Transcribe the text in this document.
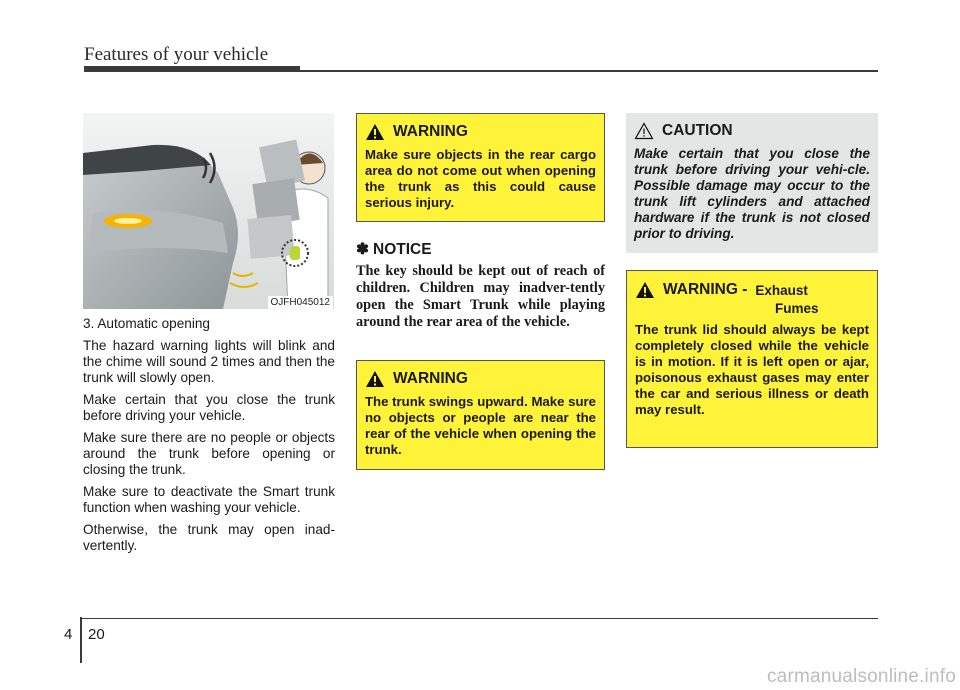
Features of your vehicle
OJFH045012

3. Automatic opening

The hazard warning lights will blink and the chime will sound 2 times and then the trunk will slowly open.

Make certain that you close the trunk before driving your vehicle.

Make sure there are no people or objects around the trunk before opening or closing the trunk.

Make sure to deactivate the Smart trunk function when washing your vehicle.

Otherwise, the trunk may open inad-vertently.

WARNING
Make sure objects in the rear cargo area do not come out when opening the trunk as this could cause serious injury.
✽ NOTICE
The key should be kept out of reach of children. Children may inadver-tently open the Smart Trunk while playing around the rear area of the vehicle.
WARNING
The trunk swings upward. Make sure no objects or people are near the rear of the vehicle when opening the trunk.
CAUTION
Make certain that you close the trunk before driving your vehi-cle. Possible damage may occur to the trunk lift cylinders and attached hardware if the trunk is not closed prior to driving.
WARNING - Exhaust
Fumes
The trunk lid should always be kept completely closed while the vehicle is in motion. If it is left open or ajar, poisonous exhaust gases may enter the car and serious illness or death may result.
4 20
carmanualsonline.info
